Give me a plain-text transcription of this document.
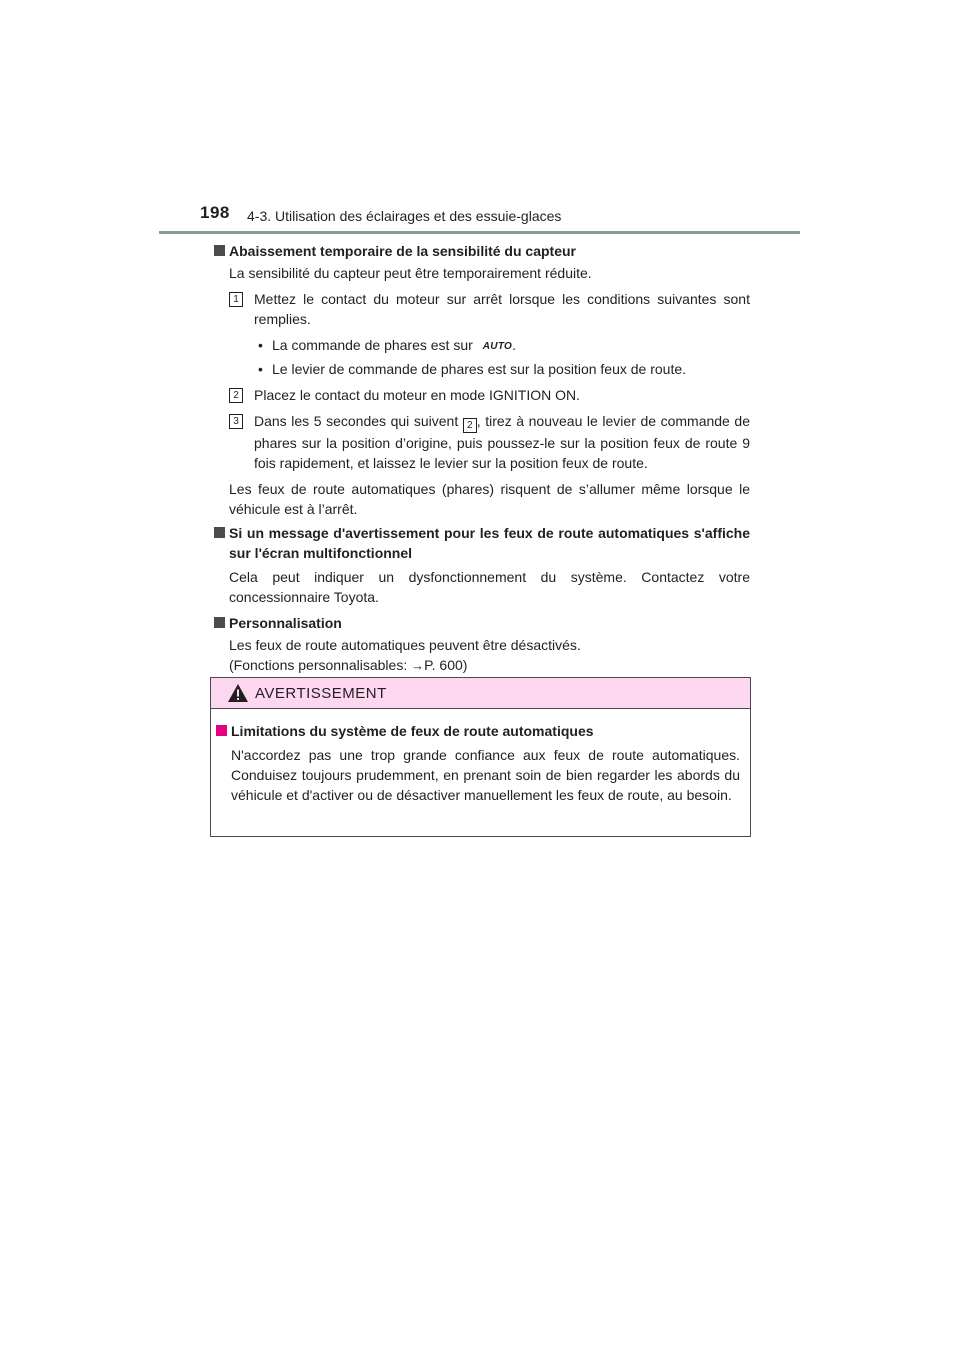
198 4-3. Utilisation des éclairages et des essuie-glaces
Abaissement temporaire de la sensibilité du capteur
La sensibilité du capteur peut être temporairement réduite.
1	Mettez le contact du moteur sur arrêt lorsque les conditions suivantes sont remplies.
• La commande de phares est sur AUTO.
• Le levier de commande de phares est sur la position feux de route.
2	Placez le contact du moteur en mode IGNITION ON.
3	Dans les 5 secondes qui suivent 2 , tirez à nouveau le levier de commande de phares sur la position d’origine, puis poussez-le sur la position feux de route 9 fois rapidement, et laissez le levier sur la position feux de route.
Les feux de route automatiques (phares) risquent de s’allumer même lorsque le véhicule est à l’arrêt.
Si un message d'avertissement pour les feux de route automatiques s'affiche sur l'écran multifonctionnel
Cela peut indiquer un dysfonctionnement du système. Contactez votre concessionnaire Toyota.
Personnalisation
Les feux de route automatiques peuvent être désactivés.
(Fonctions personnalisables: →P. 600)
AVERTISSEMENT
Limitations du système de feux de route automatiques
N'accordez pas une trop grande confiance aux feux de route automatiques. Conduisez toujours prudemment, en prenant soin de bien regarder les abords du véhicule et d'activer ou de désactiver manuellement les feux de route, au besoin.
